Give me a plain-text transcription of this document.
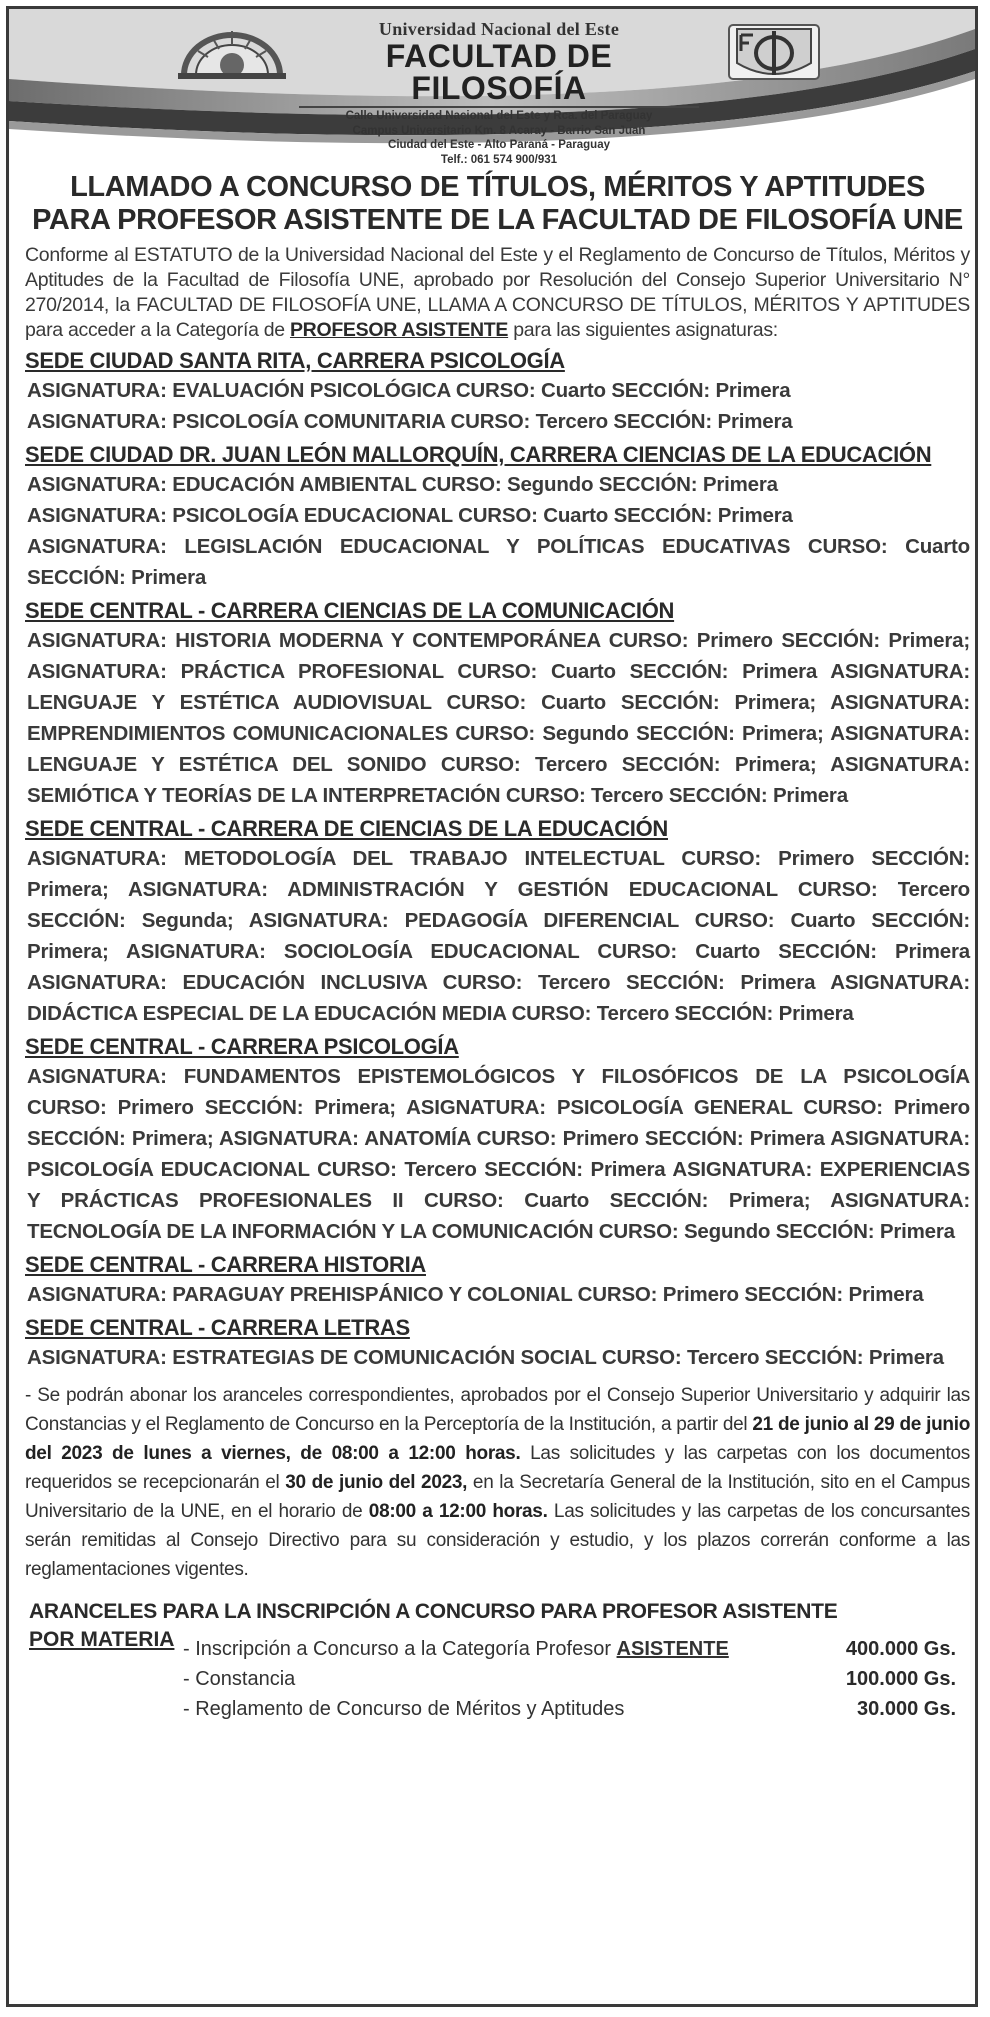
Universidad Nacional del Este
FACULTAD DE FILOSOFÍA
Calle Universidad Nacional del Este y Rca. del Paraguay
Campus Universitario Km. 8 Acaray - Barrio San Juan
Ciudad del Este - Alto Paraná - Paraguay
Telf.: 061 574 900/931
LLAMADO A CONCURSO DE TÍTULOS, MÉRITOS Y APTITUDES
PARA PROFESOR ASISTENTE DE LA FACULTAD DE FILOSOFÍA UNE

Conforme al ESTATUTO de la Universidad Nacional del Este y el Reglamento de Concurso de Títulos, Méritos y Aptitudes de la Facultad de Filosofía UNE, aprobado por Resolución del Consejo Superior Universitario N° 270/2014, la FACULTAD DE FILOSOFÍA UNE, LLAMA A CONCURSO DE TÍTULOS, MÉRITOS Y APTITUDES para acceder a la Categoría de PROFESOR ASISTENTE para las siguientes asignaturas:

SEDE CIUDAD SANTA RITA, CARRERA PSICOLOGÍA

ASIGNATURA: EVALUACIÓN PSICOLÓGICA CURSO: Cuarto SECCIÓN: Primera

ASIGNATURA: PSICOLOGÍA COMUNITARIA CURSO: Tercero SECCIÓN: Primera

SEDE CIUDAD DR. JUAN LEÓN MALLORQUÍN, CARRERA CIENCIAS DE LA EDUCACIÓN

ASIGNATURA: EDUCACIÓN AMBIENTAL CURSO: Segundo SECCIÓN: Primera

ASIGNATURA: PSICOLOGÍA EDUCACIONAL CURSO: Cuarto SECCIÓN: Primera

ASIGNATURA: LEGISLACIÓN EDUCACIONAL Y POLÍTICAS EDUCATIVAS CURSO: Cuarto SECCIÓN: Primera

SEDE CENTRAL - CARRERA CIENCIAS DE LA COMUNICACIÓN

ASIGNATURA: HISTORIA MODERNA Y CONTEMPORÁNEA CURSO: Primero SECCIÓN: Primera; ASIGNATURA: PRÁCTICA PROFESIONAL CURSO: Cuarto SECCIÓN: Primera ASIGNATURA: LENGUAJE Y ESTÉTICA AUDIOVISUAL CURSO: Cuarto SECCIÓN: Primera; ASIGNATURA: EMPRENDIMIENTOS COMUNICACIONALES CURSO: Segundo SECCIÓN: Primera; ASIGNATURA: LENGUAJE Y ESTÉTICA DEL SONIDO CURSO: Tercero SECCIÓN: Primera; ASIGNATURA: SEMIÓTICA Y TEORÍAS DE LA INTERPRETACIÓN CURSO: Tercero SECCIÓN: Primera

SEDE CENTRAL - CARRERA DE CIENCIAS DE LA EDUCACIÓN

ASIGNATURA: METODOLOGÍA DEL TRABAJO INTELECTUAL CURSO: Primero SECCIÓN: Primera; ASIGNATURA: ADMINISTRACIÓN Y GESTIÓN EDUCACIONAL CURSO: Tercero SECCIÓN: Segunda; ASIGNATURA: PEDAGOGÍA DIFERENCIAL CURSO: Cuarto SECCIÓN: Primera; ASIGNATURA: SOCIOLOGÍA EDUCACIONAL CURSO: Cuarto SECCIÓN: Primera ASIGNATURA: EDUCACIÓN INCLUSIVA CURSO: Tercero SECCIÓN: Primera ASIGNATURA: DIDÁCTICA ESPECIAL DE LA EDUCACIÓN MEDIA CURSO: Tercero SECCIÓN: Primera

SEDE CENTRAL - CARRERA PSICOLOGÍA

ASIGNATURA: FUNDAMENTOS EPISTEMOLÓGICOS Y FILOSÓFICOS DE LA PSICOLOGÍA CURSO: Primero SECCIÓN: Primera; ASIGNATURA: PSICOLOGÍA GENERAL CURSO: Primero SECCIÓN: Primera; ASIGNATURA: ANATOMÍA CURSO: Primero SECCIÓN: Primera ASIGNATURA: PSICOLOGÍA EDUCACIONAL CURSO: Tercero SECCIÓN: Primera ASIGNATURA: EXPERIENCIAS Y PRÁCTICAS PROFESIONALES II CURSO: Cuarto SECCIÓN: Primera; ASIGNATURA: TECNOLOGÍA DE LA INFORMACIÓN Y LA COMUNICACIÓN CURSO: Segundo SECCIÓN: Primera

SEDE CENTRAL - CARRERA HISTORIA

ASIGNATURA: PARAGUAY PREHISPÁNICO Y COLONIAL CURSO: Primero SECCIÓN: Primera

SEDE CENTRAL - CARRERA LETRAS

ASIGNATURA: ESTRATEGIAS DE COMUNICACIÓN SOCIAL CURSO: Tercero SECCIÓN: Primera

- Se podrán abonar los aranceles correspondientes, aprobados por el Consejo Superior Universitario y adquirir las Constancias y el Reglamento de Concurso en la Perceptoría de la Institución, a partir del 21 de junio al 29 de junio del 2023 de lunes a viernes, de 08:00 a 12:00 horas. Las solicitudes y las carpetas con los documentos requeridos se recepcionarán el 30 de junio del 2023, en la Secretaría General de la Institución, sito en el Campus Universitario de la UNE, en el horario de 08:00 a 12:00 horas. Las solicitudes y las carpetas de los concursantes serán remitidas al Consejo Directivo para su consideración y estudio, y los plazos correrán conforme a las reglamentaciones vigentes.

ARANCELES PARA LA INSCRIPCIÓN A CONCURSO PARA PROFESOR ASISTENTE
POR MATERIA - Inscripción a Concurso a la Categoría Profesor ASISTENTE	400.000 Gs.
- Constancia	100.000 Gs.
- Reglamento de Concurso de Méritos y Aptitudes	30.000 Gs.
